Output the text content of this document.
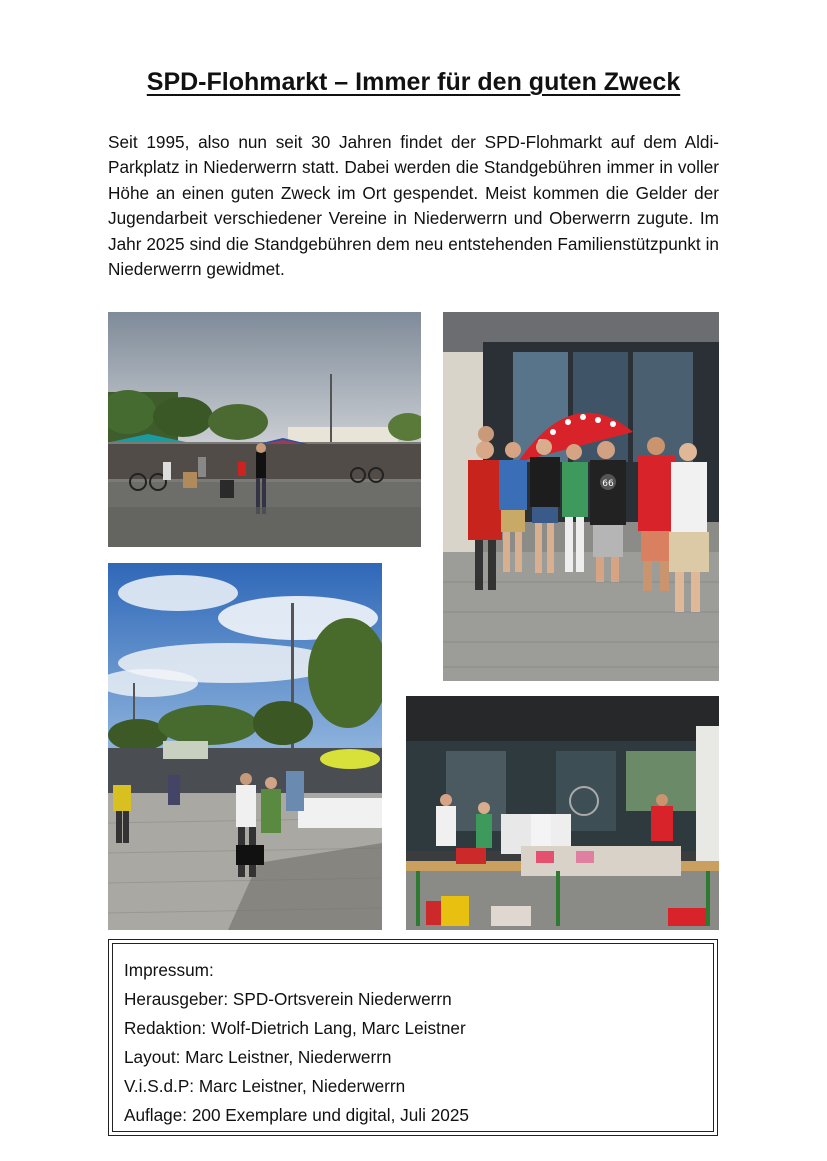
SPD-Flohmarkt – Immer für den guten Zweck

Seit 1995, also nun seit 30 Jahren findet der SPD-Flohmarkt auf dem Aldi-Parkplatz in Niederwerrn statt. Dabei werden die Standgebühren immer in voller Höhe an einen guten Zweck im Ort gespendet. Meist kommen die Gelder der Jugendarbeit verschiedener Vereine in Niederwerrn und Oberwerrn zugute. Im Jahr 2025 sind die Standgebühren dem neu entstehenden Familienstützpunkt in Niederwerrn gewidmet.

66
Impressum:
Herausgeber: SPD-Ortsverein Niederwerrn
Redaktion: Wolf-Dietrich Lang, Marc Leistner
Layout: Marc Leistner, Niederwerrn
V.i.S.d.P: Marc Leistner, Niederwerrn
Auflage: 200 Exemplare und digital, Juli 2025
